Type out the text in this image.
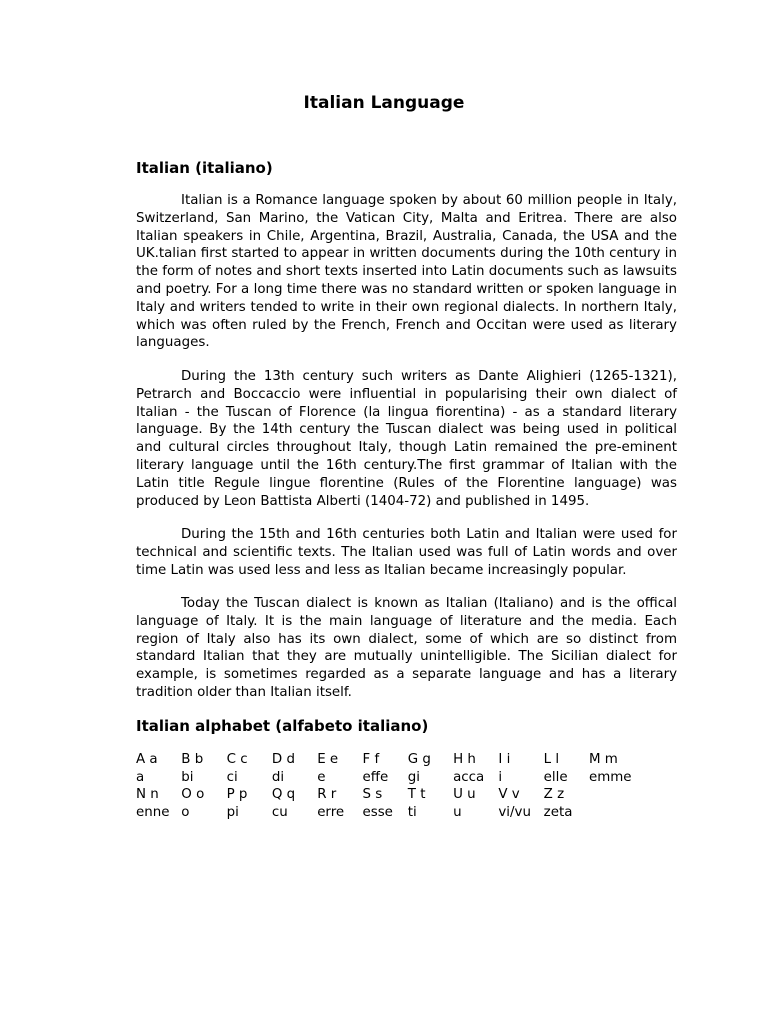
Italian Language
Italian (italiano)

Italian is a Romance language spoken by about 60 million people in Italy, Switzerland, San Marino, the Vatican City, Malta and Eritrea. There are also Italian speakers in Chile, Argentina, Brazil, Australia, Canada, the USA and the UK.talian first started to appear in written documents during the 10th century in the form of notes and short texts inserted into Latin documents such as lawsuits and poetry. For a long time there was no standard written or spoken language in Italy and writers tended to write in their own regional dialects. In northern Italy, which was often ruled by the French, French and Occitan were used as literary languages.

During the 13th century such writers as Dante Alighieri (1265-1321), Petrarch and Boccaccio were influential in popularising their own dialect of Italian - the Tuscan of Florence (la lingua fiorentina) - as a standard literary language. By the 14th century the Tuscan dialect was being used in political and cultural circles throughout Italy, though Latin remained the pre-eminent literary language until the 16th century.The first grammar of Italian with the Latin title Regule lingue florentine (Rules of the Florentine language) was produced by Leon Battista Alberti (1404-72) and published in 1495.

During the 15th and 16th centuries both Latin and Italian were used for technical and scientific texts. The Italian used was full of Latin words and over time Latin was used less and less as Italian became increasingly popular.

Today the Tuscan dialect is known as Italian (Italiano) and is the offical language of Italy. It is the main language of literature and the media. Each region of Italy also has its own dialect, some of which are so distinct from standard Italian that they are mutually unintelligible. The Sicilian dialect for example, is sometimes regarded as a separate language and has a literary tradition older than Italian itself.

Italian alphabet (alfabeto italiano)
A a	B b	C c	D d	E e	F f	G g	H h	I i	L l	M m
a	bi	ci	di	e	effe	gi	acca	i	elle	emme
N n	O o	P p	Q q	R r	S s	T t	U u	V v	Z z	
enne	o	pi	cu	erre	esse	ti	u	vi/vu	zeta	
